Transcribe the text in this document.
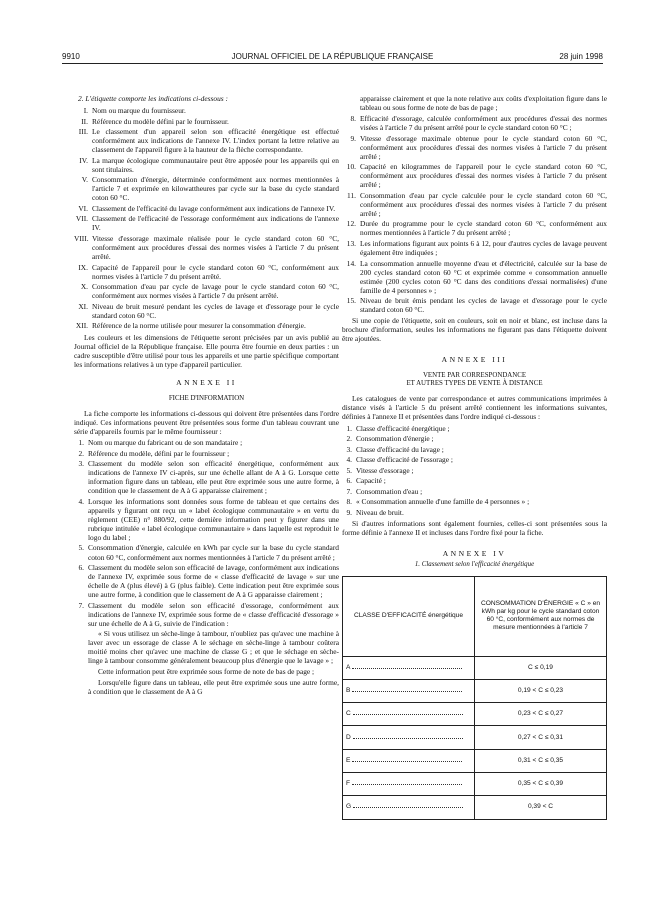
9910	JOURNAL OFFICIEL DE LA RÉPUBLIQUE FRANÇAISE	28 juin 1998

2. L'étiquette comporte les indications ci-dessous :

I. Nom ou marque du fournisseur.
II. Référence du modèle défini par le fournisseur.
III. Le classement d'un appareil selon son efficacité énergétique est effectué conformément aux indications de l'annexe IV. L'index portant la lettre relative au classement de l'appareil figure à la hauteur de la flèche correspondante.
IV. La marque écologique communautaire peut être apposée pour les appareils qui en sont titulaires.
V. Consommation d'énergie, déterminée conformément aux normes mentionnées à l'article 7 et exprimée en kilowattheures par cycle sur la base du cycle standard coton 60 °C.
VI. Classement de l'efficacité du lavage conformément aux indications de l'annexe IV.
VII. Classement de l'efficacité de l'essorage conformément aux indications de l'annexe IV.
VIII. Vitesse d'essorage maximale réalisée pour le cycle standard coton 60 °C, conformément aux procédures d'essai des normes visées à l'article 7 du présent arrêté.
IX. Capacité de l'appareil pour le cycle standard coton 60 °C, conformément aux normes visées à l'article 7 du présent arrêté.
X. Consommation d'eau par cycle de lavage pour le cycle standard coton 60 °C, conformément aux normes visées à l'article 7 du présent arrêté.
XI. Niveau de bruit mesuré pendant les cycles de lavage et d'essorage pour le cycle standard coton 60 °C.
XII. Référence de la norme utilisée pour mesurer la consommation d'énergie.

Les couleurs et les dimensions de l'étiquette seront précisées par un avis publié au Journal officiel de la République française. Elle pourra être fournie en deux parties : un cadre susceptible d'être utilisé pour tous les appareils et une partie spécifique comportant les informations relatives à un type d'appareil particulier.

ANNEXE II
FICHE D'INFORMATION

La fiche comporte les informations ci-dessous qui doivent être présentées dans l'ordre indiqué. Ces informations peuvent être présentées sous forme d'un tableau couvrant une série d'appareils fournis par le même fournisseur :

1. Nom ou marque du fabricant ou de son mandataire ;
2. Référence du modèle, défini par le fournisseur ;
3. Classement du modèle selon son efficacité énergétique, conformément aux indications de l'annexe IV ci-après, sur une échelle allant de A à G. Lorsque cette information figure dans un tableau, elle peut être exprimée sous une autre forme, à condition que le classement de A à G apparaisse clairement ;
4. Lorsque les informations sont données sous forme de tableau et que certains des appareils y figurant ont reçu un « label écologique communautaire » en vertu du règlement (CEE) n° 880/92, cette dernière information peut y figurer dans une rubrique intitulée « label écologique communautaire » dans laquelle est reproduit le logo du label ;
5. Consommation d'énergie, calculée en kWh par cycle sur la base du cycle standard coton 60 °C, conformément aux normes mentionnées à l'article 7 du présent arrêté ;
6. Classement du modèle selon son efficacité de lavage, conformément aux indications de l'annexe IV, exprimée sous forme de « classe d'efficacité de lavage » sur une échelle de A (plus élevé) à G (plus faible). Cette indication peut être exprimée sous une autre forme, à condition que le classement de A à G apparaisse clairement ;
7. Classement du modèle selon son efficacité d'essorage, conformément aux indications de l'annexe IV, exprimée sous forme de « classe d'efficacité d'essorage » sur une échelle de A à G, suivie de l'indication :

« Si vous utilisez un sèche-linge à tambour, n'oubliez pas qu'avec une machine à laver avec un essorage de classe A le séchage en sèche-linge à tambour coûtera moitié moins cher qu'avec une machine de classe G ; et que le séchage en sèche-linge à tambour consomme généralement beaucoup plus d'énergie que le lavage » ;

Cette information peut être exprimée sous forme de note de bas de page ;

Lorsqu'elle figure dans un tableau, elle peut être exprimée sous une autre forme, à condition que le classement de A à G

apparaisse clairement et que la note relative aux coûts d'exploitation figure dans le tableau ou sous forme de note de bas de page ;

8. Efficacité d'essorage, calculée conformément aux procédures d'essai des normes visées à l'article 7 du présent arrêté pour le cycle standard coton 60 °C ;
9. Vitesse d'essorage maximale obtenue pour le cycle standard coton 60 °C, conformément aux procédures d'essai des normes visées à l'article 7 du présent arrêté ;
10. Capacité en kilogrammes de l'appareil pour le cycle standard coton 60 °C, conformément aux procédures d'essai des normes visées à l'article 7 du présent arrêté ;
11. Consommation d'eau par cycle calculée pour le cycle standard coton 60 °C, conformément aux procédures d'essai des normes visées à l'article 7 du présent arrêté ;
12. Durée du programme pour le cycle standard coton 60 °C, conformément aux normes mentionnées à l'article 7 du présent arrêté ;
13. Les informations figurant aux points 6 à 12, pour d'autres cycles de lavage peuvent également être indiquées ;
14. La consommation annuelle moyenne d'eau et d'électricité, calculée sur la base de 200 cycles standard coton 60 °C et exprimée comme « consommation annuelle estimée (200 cycles coton 60 °C dans des conditions d'essai normalisées) d'une famille de 4 personnes » ;
15. Niveau de bruit émis pendant les cycles de lavage et d'essorage pour le cycle standard coton 60 °C.

Si une copie de l'étiquette, soit en couleurs, soit en noir et blanc, est incluse dans la brochure d'information, seules les informations ne figurant pas dans l'étiquette doivent être ajoutées.

ANNEXE III
VENTE PAR CORRESPONDANCE
ET AUTRES TYPES DE VENTE À DISTANCE

Les catalogues de vente par correspondance et autres communications imprimées à distance visés à l'article 5 du présent arrêté contiennent les informations suivantes, définies à l'annexe II et présentées dans l'ordre indiqué ci-dessous :

1. Classe d'efficacité énergétique ;
2. Consommation d'énergie ;
3. Classe d'efficacité du lavage ;
4. Classe d'efficacité de l'essorage ;
5. Vitesse d'essorage ;
6. Capacité ;
7. Consommation d'eau ;
8. « Consommation annuelle d'une famille de 4 personnes » ;
9. Niveau de bruit.

Si d'autres informations sont également fournies, celles-ci sont présentées sous la forme définie à l'annexe II et incluses dans l'ordre fixé pour la fiche.

ANNEXE IV
1. Classement selon l'efficacité énergétique
CLASSE D'EFFICACITÉ énergétique	CONSOMMATION D'ÉNERGIE « C » en kWh par kg pour le cycle standard coton 60 °C, conformément aux normes de mesure mentionnées à l'article 7
A	C ≤ 0,19
B	0,19 < C ≤ 0,23
C	0,23 < C ≤ 0,27
D	0,27 < C ≤ 0,31
E	0,31 < C ≤ 0,35
F	0,35 < C ≤ 0,39
G	0,39 < C
